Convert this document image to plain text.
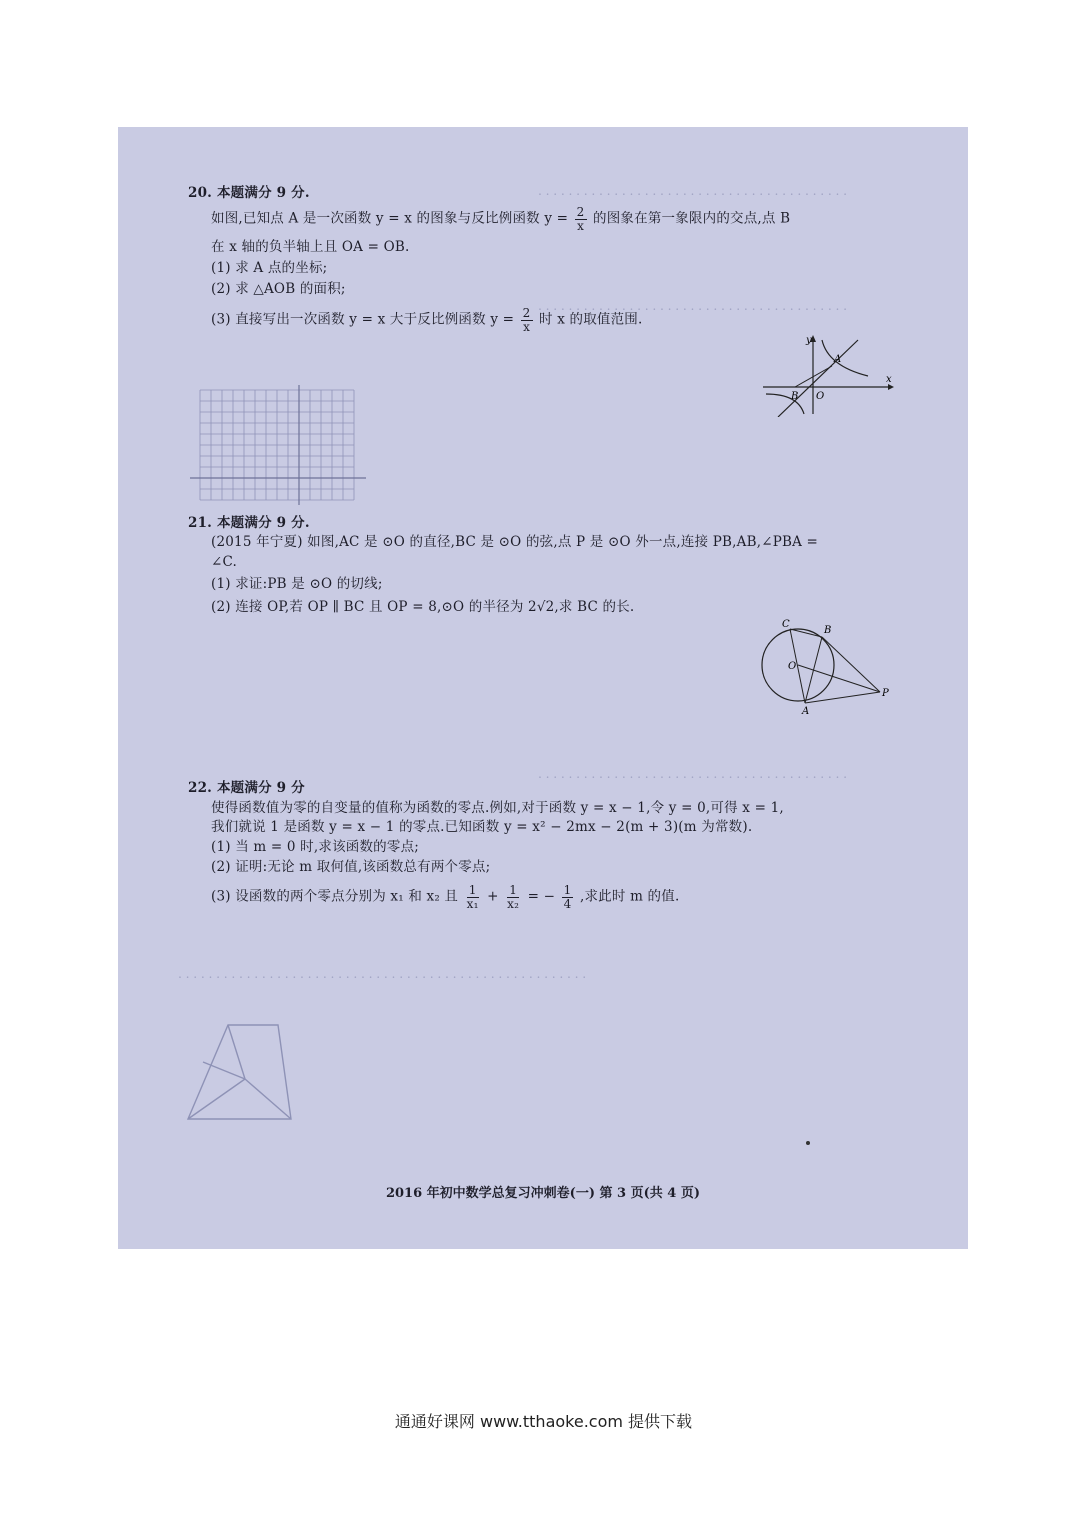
. . . . . . . . . . . . . . . . . . . . . . . . . . . . . . . . . . . . . . . . .
. . . . . . . . . . . . . . . . . . . . . . . . . . . . . . . . . . . . . . . . .
. . . . . . . . . . . . . . . . . . . . . . . . . . . . . . . . . . . . . . . . .
. . . . . . . . . . . . . . . . . . . . . . . . . . . . . . . . . . . . . . . . . . . . . . . . . . . . . .
20. 本题满分 9 分.
如图,已知点 A 是一次函数 y = x 的图象与反比例函数 $y = \frac{2}{x}$ 的图象在第一象限内的交点,点 B
在 x 轴的负半轴上且 OA = OB.
(1) 求 A 点的坐标;
(2) 求 △AOB 的面积;
(3) 直接写出一次函数 y = x 大于反比例函数 $y = \frac{2}{x}$ 时 x 的取值范围.
y
x
A
B O
21. 本题满分 9 分.
(2015 年宁夏) 如图,AC 是 ⊙O 的直径,BC 是 ⊙O 的弦,点 P 是 ⊙O 外一点,连接 PB,AB,∠PBA =
∠C.
(1) 求证:PB 是 ⊙O 的切线;
(2) 连接 OP,若 OP ∥ BC 且 OP = 8,⊙O 的半径为 2√2,求 BC 的长.
C
B
O
A
P
22. 本题满分 9 分
使得函数值为零的自变量的值称为函数的零点.例如,对于函数 y = x − 1,令 y = 0,可得 x = 1,
我们就说 1 是函数 y = x − 1 的零点.已知函数 y = x² − 2mx − 2(m + 3)(m 为常数).
(1) 当 m = 0 时,求该函数的零点;
(2) 证明:无论 m 取何值,该函数总有两个零点;
(3) 设函数的两个零点分别为 x₁ 和 x₂ 且 $\frac{1}{\text{x₁}} + \frac{1}{\text{x₂}}$ = − $\frac{1}{4}$ ,求此时 m 的值.
2016 年初中数学总复习冲刺卷(一) 第 3 页(共 4 页)
通通好课网 www.tthaoke.com 提供下载
